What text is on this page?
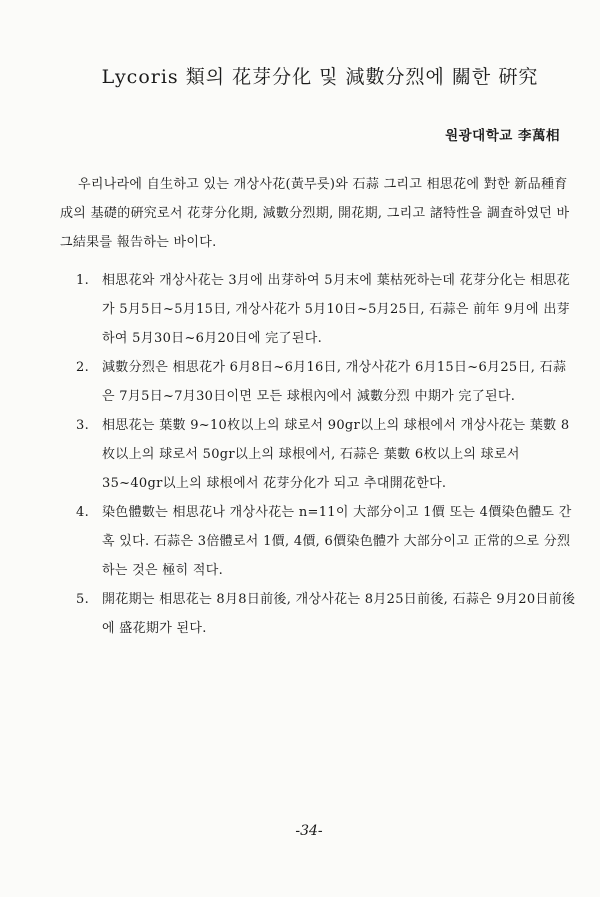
Lycoris 類의 花芽分化 및 減數分烈에 關한 硏究
원광대학교 李萬相
우리나라에 自生하고 있는 개상사花(黃무릇)와 石蒜 그리고 相思花에 對한 新品種育成의 基礎的硏究로서 花芽分化期, 減數分烈期, 開花期, 그리고 諸特性을 調査하였던 바 그結果를 報告하는 바이다.
1. 相思花와 개상사花는 3月에 出芽하여 5月末에 葉枯死하는데 花芽分化는 相思花가 5月5日~5月15日, 개상사花가 5月10日~5月25日, 石蒜은 前年 9月에 出芽하여 5月30日~6月20日에 完了된다.
2. 減數分烈은 相思花가 6月8日~6月16日, 개상사花가 6月15日~6月25日, 石蒜은 7月5日~7月30日이면 모든 球根內에서 減數分烈 中期가 完了된다.
3. 相思花는 葉數 9~10枚以上의 球로서 90gr以上의 球根에서 개상사花는 葉數 8枚以上의 球로서 50gr以上의 球根에서, 石蒜은 葉數 6枚以上의 球로서 35~40gr以上의 球根에서 花芽分化가 되고 추대開花한다.
4. 染色體數는 相思花나 개상사花는 n=11이 大部分이고 1價 또는 4價染色體도 간혹 있다. 石蒜은 3倍體로서 1價, 4價, 6價染色體가 大部分이고 正常的으로 分烈하는 것은 極히 적다.
5. 開花期는 相思花는 8月8日前後, 개상사花는 8月25日前後, 石蒜은 9月20日前後에 盛花期가 된다.
-34-
